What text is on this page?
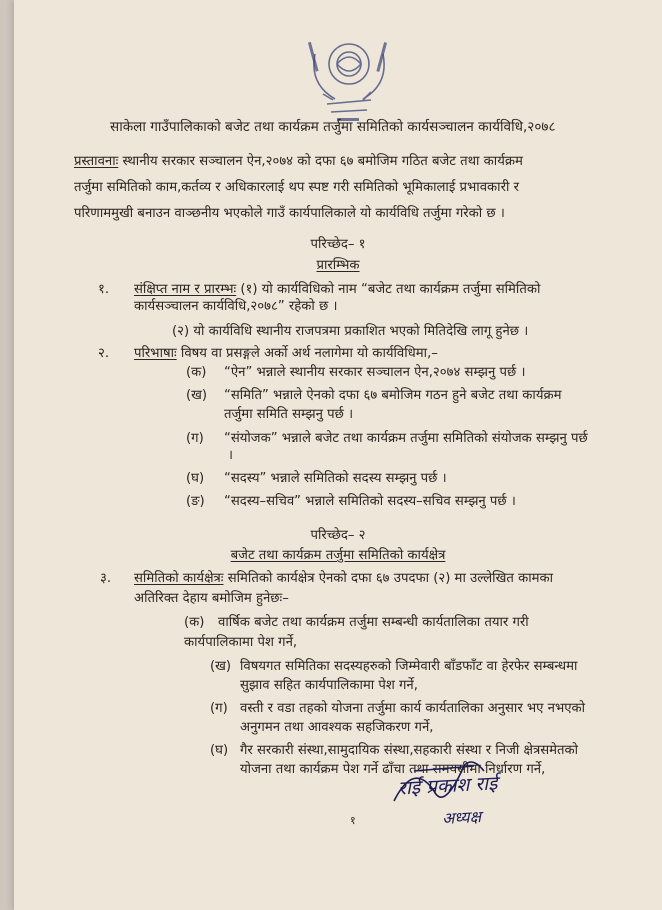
साकेला गाउँपालिकाको बजेट तथा कार्यक्रम तर्जुमा समितिको कार्यसञ्चालन कार्यविधि,२०७८
प्रस्तावनाः स्थानीय सरकार सञ्चालन ऐन,२०७४ को दफा ६७ बमोजिम गठित बजेट तथा कार्यक्रम
तर्जुमा समितिको काम,कर्तव्य र अधिकारलाई थप स्पष्ट गरी समितिको भूमिकालाई प्रभावकारी र
परिणाममुखी बनाउन वाञ्छनीय भएकोले गाउँ कार्यपालिकाले यो कार्यविधि तर्जुमा गरेको छ ।
परिच्छेद– १
प्रारम्भिक
१. संक्षिप्त नाम र प्रारम्भः (१) यो कार्यविधिको नाम “बजेट तथा कार्यक्रम तर्जुमा समितिको
कार्यसञ्चालन कार्यविधि,२०७८” रहेको छ ।
(२) यो कार्यविधि स्थानीय राजपत्रमा प्रकाशित भएको मितिदेखि लागू हुनेछ ।
२. परिभाषाः विषय वा प्रसङ्गले अर्को अर्थ नलागेमा यो कार्यविधिमा,–
(क) “ऐन” भन्नाले स्थानीय सरकार सञ्चालन ऐन,२०७४ सम्झनु पर्छ ।
(ख) “समिति” भन्नाले ऐनको दफा ६७ बमोजिम गठन हुने बजेट तथा कार्यक्रम
तर्जुमा समिति सम्झनु पर्छ ।
(ग) “संयोजक” भन्नाले बजेट तथा कार्यक्रम तर्जुमा समितिको संयोजक सम्झनु पर्छ
।
(घ) “सदस्य” भन्नाले समितिको सदस्य सम्झनु पर्छ ।
(ङ) “सदस्य–सचिव” भन्नाले समितिको सदस्य–सचिव सम्झनु पर्छ ।
परिच्छेद– २
बजेट तथा कार्यक्रम तर्जुमा समितिको कार्यक्षेत्र
३. समितिको कार्यक्षेत्रः समितिको कार्यक्षेत्र ऐनको दफा ६७ उपदफा (२) मा उल्लेखित कामका
अतिरिक्त देहाय बमोजिम हुनेछः–
(क) वार्षिक बजेट तथा कार्यक्रम तर्जुमा सम्बन्धी कार्यतालिका तयार गरी
कार्यपालिकामा पेश गर्ने,
(ख) विषयगत समितिका सदस्यहरुको जिम्मेवारी बाँडफाँट वा हेरफेर सम्बन्धमा
सुझाव सहित कार्यपालिकामा पेश गर्ने,
(ग) वस्ती र वडा तहको योजना तर्जुमा कार्य कार्यतालिका अनुसार भए नभएको
अनुगमन तथा आवश्यक सहजिकरण गर्ने,
(घ) गैर सरकारी संस्था,सामुदायिक संस्था,सहकारी संस्था र निजी क्षेत्रसमेतको
योजना तथा कार्यक्रम पेश गर्ने ढाँचा तथा समयसीमा निर्धारण गर्ने,
१
राई प्रकाश राई
अध्यक्ष
